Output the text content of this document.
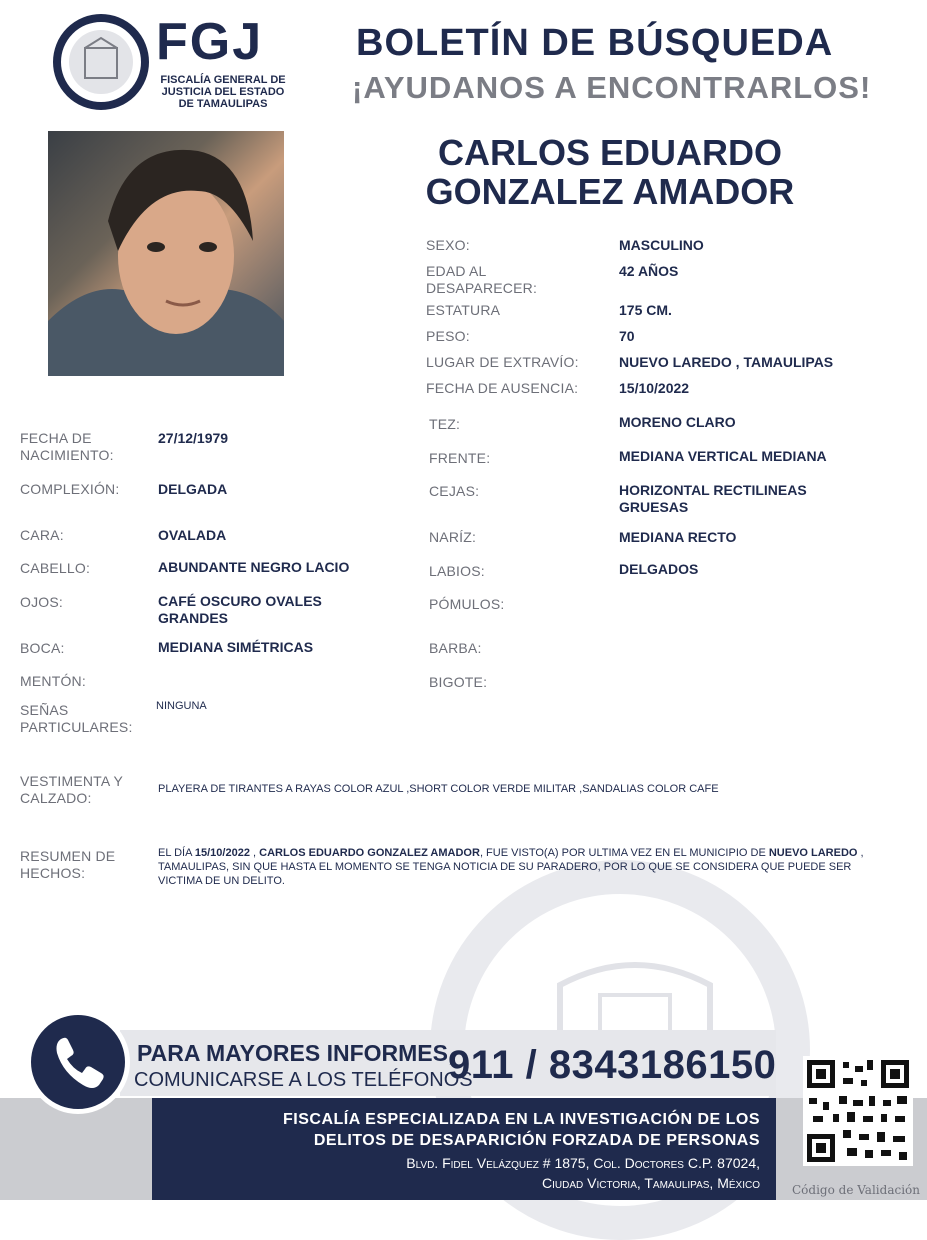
FGJ
FISCALÍA GENERAL DE JUSTICIA DEL ESTADO DE TAMAULIPAS
BOLETÍN DE BÚSQUEDA
¡AYUDANOS A ENCONTRARLOS!
CARLOS EDUARDO
GONZALEZ AMADOR
SEXO:	MASCULINO
EDAD AL DESAPARECER:
42 AÑOS
ESTATURA	175 CM.
PESO:	70
LUGAR DE EXTRAVÍO:	NUEVO LAREDO , TAMAULIPAS
FECHA DE AUSENCIA:	15/10/2022
FECHA DE NACIMIENTO:
27/12/1979
COMPLEXIÓN:	DELGADA
CARA:	OVALADA
CABELLO:	ABUNDANTE NEGRO LACIO
OJOS:	CAFÉ OSCURO OVALES GRANDES
BOCA:	MEDIANA SIMÉTRICAS
MENTÓN:
SEÑAS PARTICULARES:
NINGUNA
TEZ:	MORENO CLARO
FRENTE:	MEDIANA VERTICAL MEDIANA
CEJAS:	HORIZONTAL RECTILINEAS GRUESAS
NARÍZ:	MEDIANA RECTO
LABIOS:	DELGADOS
PÓMULOS:
BARBA:
BIGOTE:
VESTIMENTA Y CALZADO:
PLAYERA DE TIRANTES A RAYAS COLOR AZUL ,SHORT COLOR VERDE MILITAR ,SANDALIAS COLOR CAFE
RESUMEN DE HECHOS:
EL DÍA 15/10/2022 , CARLOS EDUARDO GONZALEZ AMADOR, FUE VISTO(A) POR ULTIMA VEZ EN EL MUNICIPIO DE NUEVO LAREDO , TAMAULIPAS, SIN QUE HASTA EL MOMENTO SE TENGA NOTICIA DE SU PARADERO, POR LO QUE SE CONSIDERA QUE PUEDE SER VICTIMA DE UN DELITO.
PARA MAYORES INFORMES,
COMUNICARSE A LOS TELÉFONOS
911 / 8343186150
FISCALÍA ESPECIALIZADA EN LA INVESTIGACIÓN DE LOS
DELITOS DE DESAPARICIÓN FORZADA DE PERSONAS
Blvd. Fidel Velázquez # 1875, Col. Doctores C.P. 87024,
Ciudad Victoria, Tamaulipas, México	Código de Validación
